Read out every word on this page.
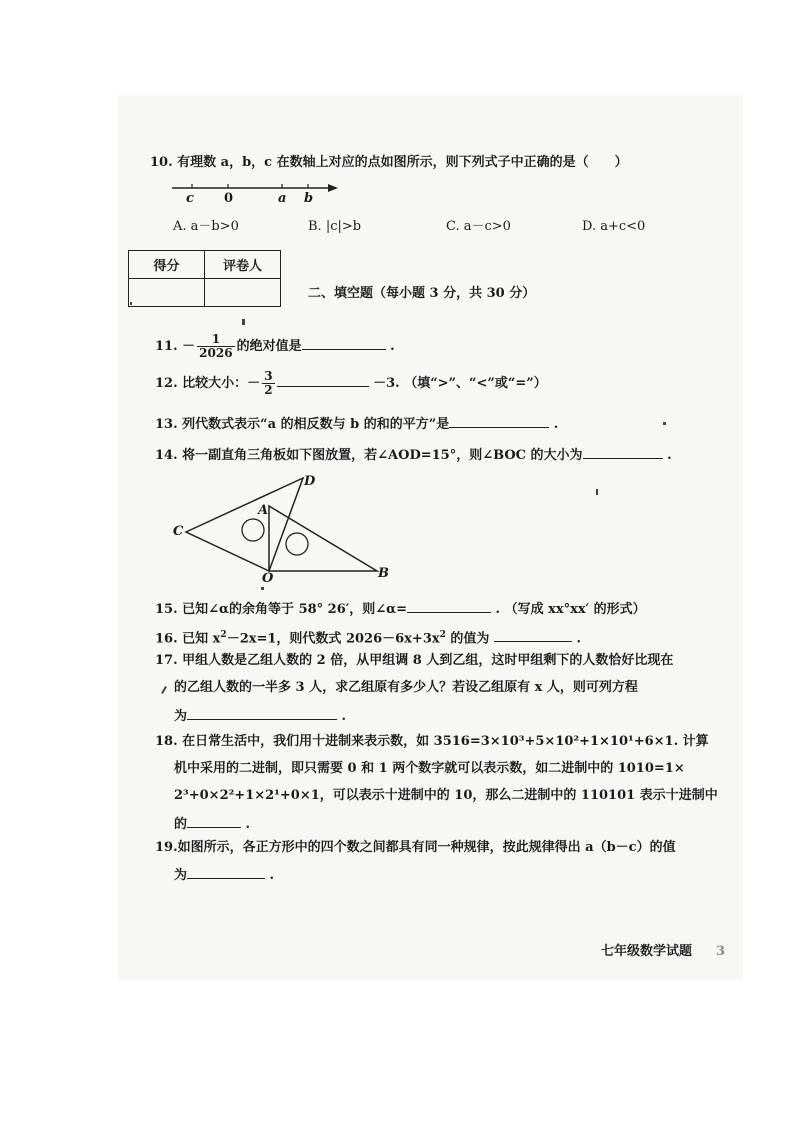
10. 有理数 a，b，c 在数轴上对应的点如图所示，则下列式子中正确的是（　　）
c 0	a b
A. a－b>0	B. |c|>b	C. a－c>0	D. a+c<0
得分	评卷人

二、填空题（每小题 3 分，共 30 分）
11. － $\frac{1}{2026}$ 的绝对值是	.
12. 比较大小：－ $\frac{3}{2}$	－3. （填“>”、“<”或“=”）
13. 列代数式表示“a 的相反数与 b 的和的平方”是	.
14. 将一副直角三角板如下图放置，若∠AOD=15°，则∠BOC 的大小为	.
D
A
C
O	B
15. 已知∠α的余角等于 58° 26′，则∠α=	. （写成 xx°xx′ 的形式）
16. 已知 $x^2-2x=1$，则代数式 $2026-6x+3x^2$ 的值为	.
17. 甲组人数是乙组人数的 2 倍，从甲组调 8 人到乙组，这时甲组剩下的人数恰好比现在
的乙组人数的一半多 3 人，求乙组原有多少人？若设乙组原有 x 人，则可列方程
为	.
18. 在日常生活中，我们用十进制来表示数，如 3516=3×10³+5×10²+1×10¹+6×1. 计算
机中采用的二进制，即只需要 0 和 1 两个数字就可以表示数，如二进制中的 1010=1×
2³+0×2²+1×2¹+0×1，可以表示十进制中的 10，那么二进制中的 110101 表示十进制中
的	.
19.如图所示，各正方形中的四个数之间都具有同一种规律，按此规律得出 a（b－c）的值
为	.
七年级数学试题 3
